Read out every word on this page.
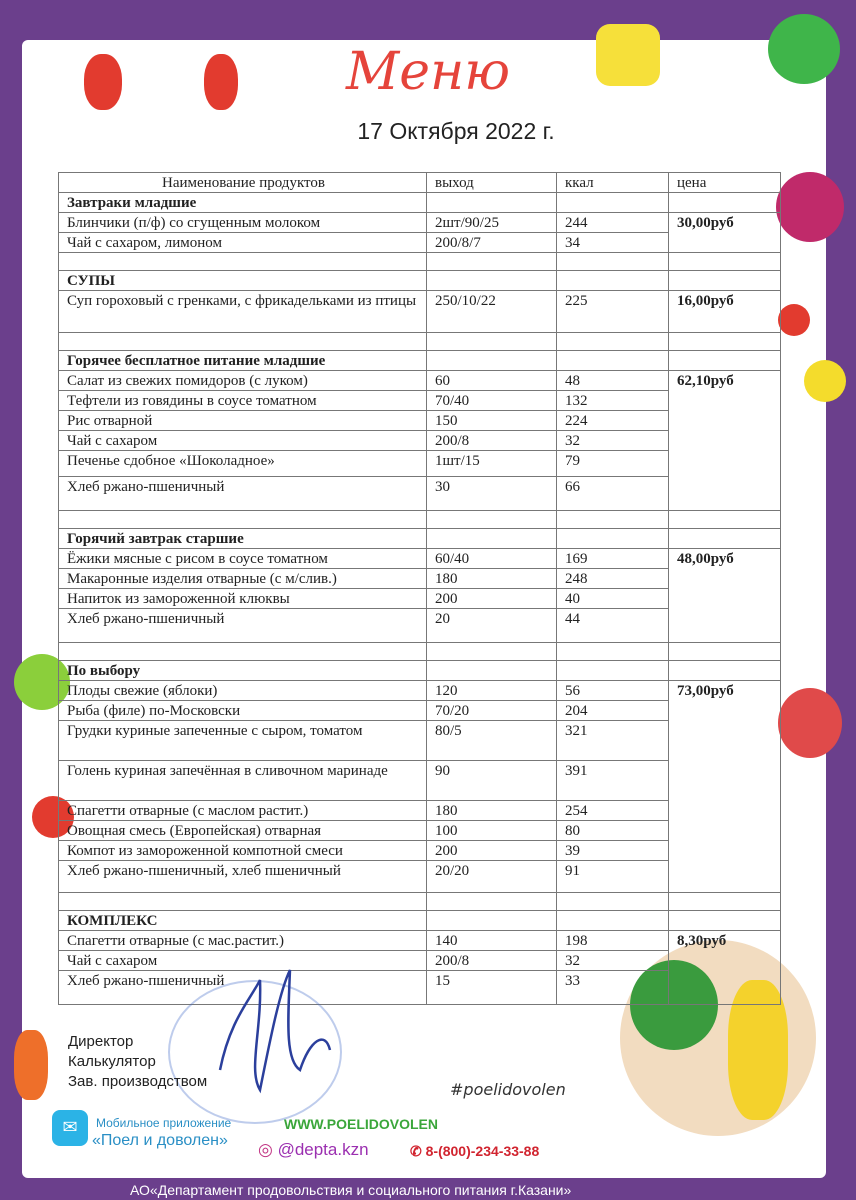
Меню
17 Октября 2022 г.
Наименование продуктов	выход	ккал	цена
Завтраки младшие			
Блинчики (п/ф) со сгущенным молоком	2шт/90/25	244	30,00руб
Чай с сахаром, лимоном	200/8/7	34	

СУПЫ			
Суп гороховый с гренками, с фрикадельками из птицы	250/10/22	225	16,00руб

Горячее бесплатное питание младшие			
Салат из свежих помидоров (с луком)	60	48	62,10руб
Тефтели из говядины в соусе томатном	70/40	132	
Рис отварной	150	224	
Чай с сахаром	200/8	32	
Печенье сдобное «Шоколадное»	1шт/15	79	
Хлеб ржано-пшеничный	30	66	

Горячий завтрак старшие			
Ёжики мясные с рисом в соусе томатном	60/40	169	48,00руб
Макаронные изделия отварные (с м/слив.)	180	248	
Напиток из замороженной клюквы	200	40	
Хлеб ржано-пшеничный	20	44	

По выбору			
Плоды свежие (яблоки)	120	56	73,00руб
Рыба (филе) по-Московски	70/20	204	
Грудки куриные запеченные с сыром, томатом	80/5	321	
Голень куриная запечённая в сливочном маринаде	90	391	
Спагетти отварные (с маслом растит.)	180	254	
Овощная смесь (Европейская) отварная	100	80	
Компот из замороженной компотной смеси	200	39	
Хлеб ржано-пшеничный, хлеб пшеничный	20/20	91	

КОМПЛЕКС			
Спагетти отварные (с мас.растит.)	140	198	8,30руб
Чай с сахаром	200/8	32	
Хлеб ржано-пшеничный	15	33	
Директор
Калькулятор
Зав. производством
✉	Мобильное приложение
«Поел и доволен»
WWW.POELIDOVOLEN
◎ @depta.kzn	✆ 8-(800)-234-33-88
#poelidovolen
АО«Департамент продовольствия и социального питания г.Казани»
